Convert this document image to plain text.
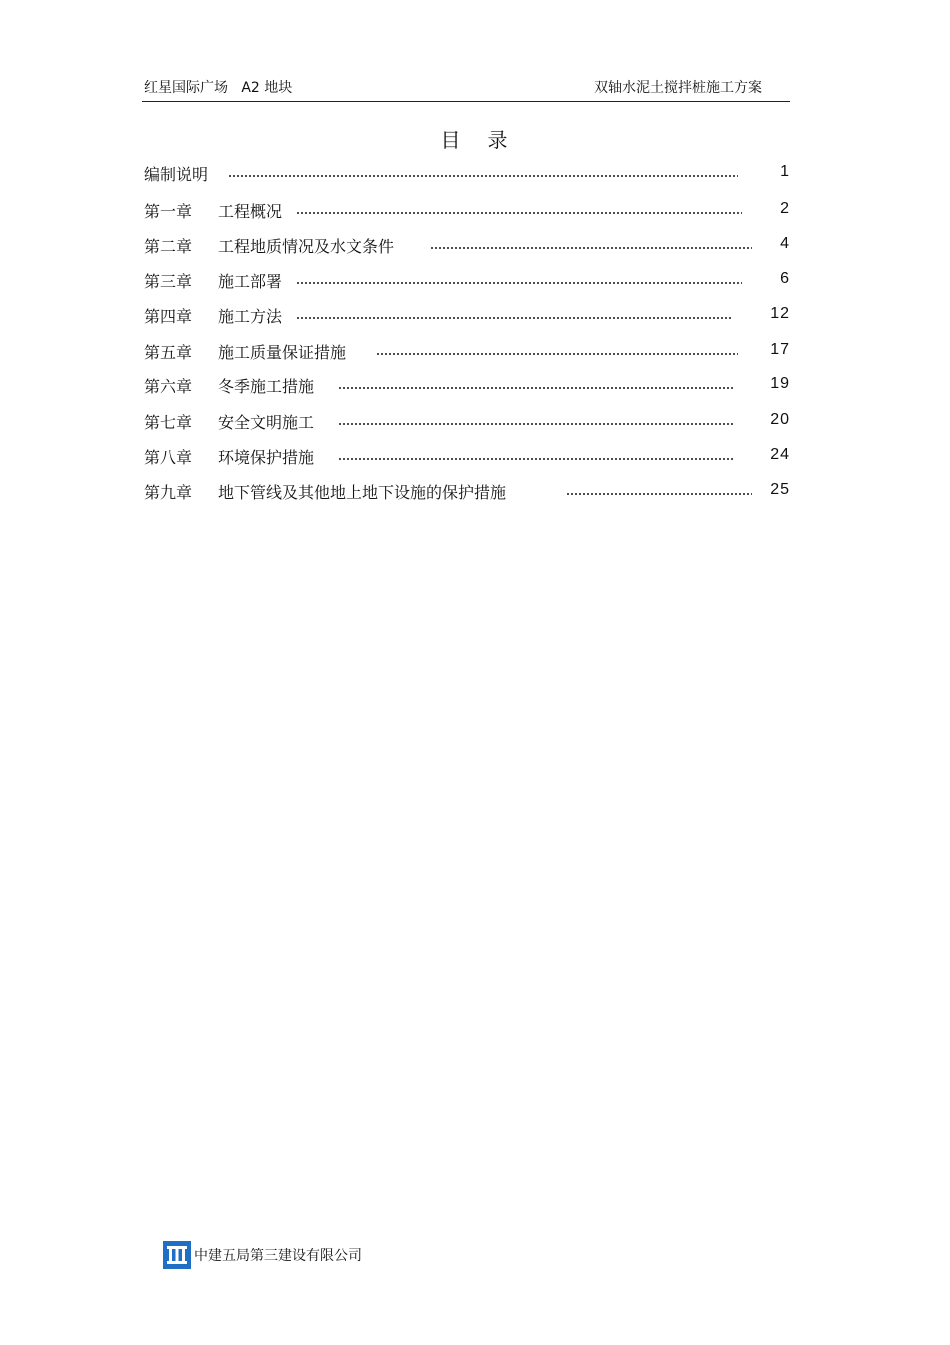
红星国际广场   A2 地块	双轴水泥土搅拌桩施工方案
目   录
编制说明	1
第一章	工程概况	2
第二章	工程地质情况及水文条件	4
第三章	施工部署	6
第四章	施工方法	12
第五章	施工质量保证措施	17
第六章	冬季施工措施	19
第七章	安全文明施工	20
第八章	环境保护措施	24
第九章	地下管线及其他地上地下设施的保护措施	25
中建五局第三建设有限公司
